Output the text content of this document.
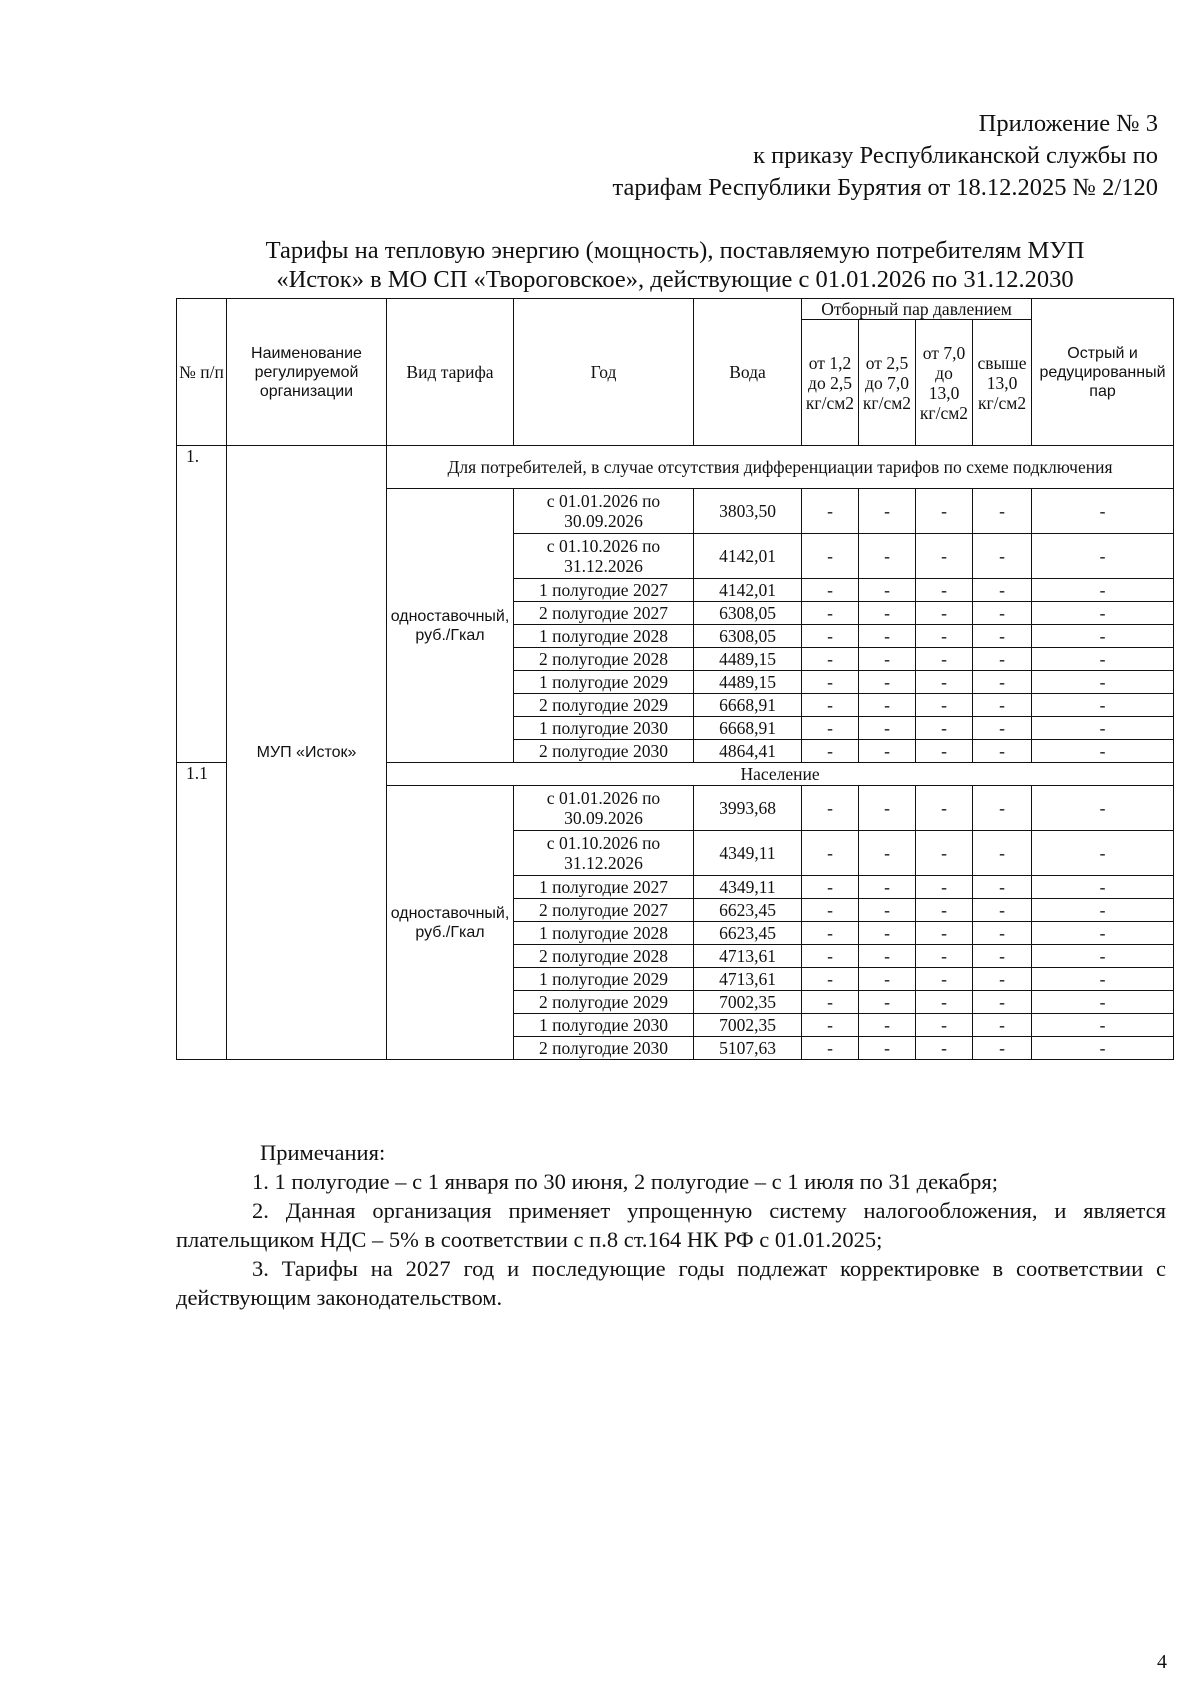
Приложение № 3
к приказу Республиканской службы по
тарифам Республики Бурятия от 18.12.2025 № 2/120
Тарифы на тепловую энергию (мощность), поставляемую потребителям МУП
«Исток» в МО СП «Твороговское», действующие с 01.01.2026 по 31.12.2030
№ п/п	Наименование регулируемой организации	Вид тарифа	Год	Вода	Отборный пар давлением				Острый и редуцированный пар
					от 1,2 до 2,5 кг/см2	от 2,5 до 7,0 кг/см2	от 7,0 до 13,0 кг/см2	свыше 13,0 кг/см2	
1.	МУП «Исток»	Для потребителей, в случае отсутствия дифференциации тарифов по схеме подключения							
		одноставочный, руб./Гкал	с 01.01.2026 по 30.09.2026	3803,50	-	-	-	-	-
			с 01.10.2026 по 31.12.2026	4142,01	-	-	-	-	-
			1 полугодие 2027	4142,01	-	-	-	-	-
			2 полугодие 2027	6308,05	-	-	-	-	-
			1 полугодие 2028	6308,05	-	-	-	-	-
			2 полугодие 2028	4489,15	-	-	-	-	-
			1 полугодие 2029	4489,15	-	-	-	-	-
			2 полугодие 2029	6668,91	-	-	-	-	-
			1 полугодие 2030	6668,91	-	-	-	-	-
			2 полугодие 2030	4864,41	-	-	-	-	-
1.1		Население							
		одноставочный, руб./Гкал	с 01.01.2026 по 30.09.2026	3993,68	-	-	-	-	-
			с 01.10.2026 по 31.12.2026	4349,11	-	-	-	-	-
			1 полугодие 2027	4349,11	-	-	-	-	-
			2 полугодие 2027	6623,45	-	-	-	-	-
			1 полугодие 2028	6623,45	-	-	-	-	-
			2 полугодие 2028	4713,61	-	-	-	-	-
			1 полугодие 2029	4713,61	-	-	-	-	-
			2 полугодие 2029	7002,35	-	-	-	-	-
			1 полугодие 2030	7002,35	-	-	-	-	-
			2 полугодие 2030	5107,63	-	-	-	-	-
Примечания:
1. 1 полугодие – с 1 января по 30 июня, 2 полугодие – с 1 июля по 31 декабря;
2. Данная организация применяет упрощенную систему налогообложения, и является плательщиком НДС – 5% в соответствии с п.8 ст.164 НК РФ с 01.01.2025;
3. Тарифы на 2027 год и последующие годы подлежат корректировке в соответствии с действующим законодательством.
4
